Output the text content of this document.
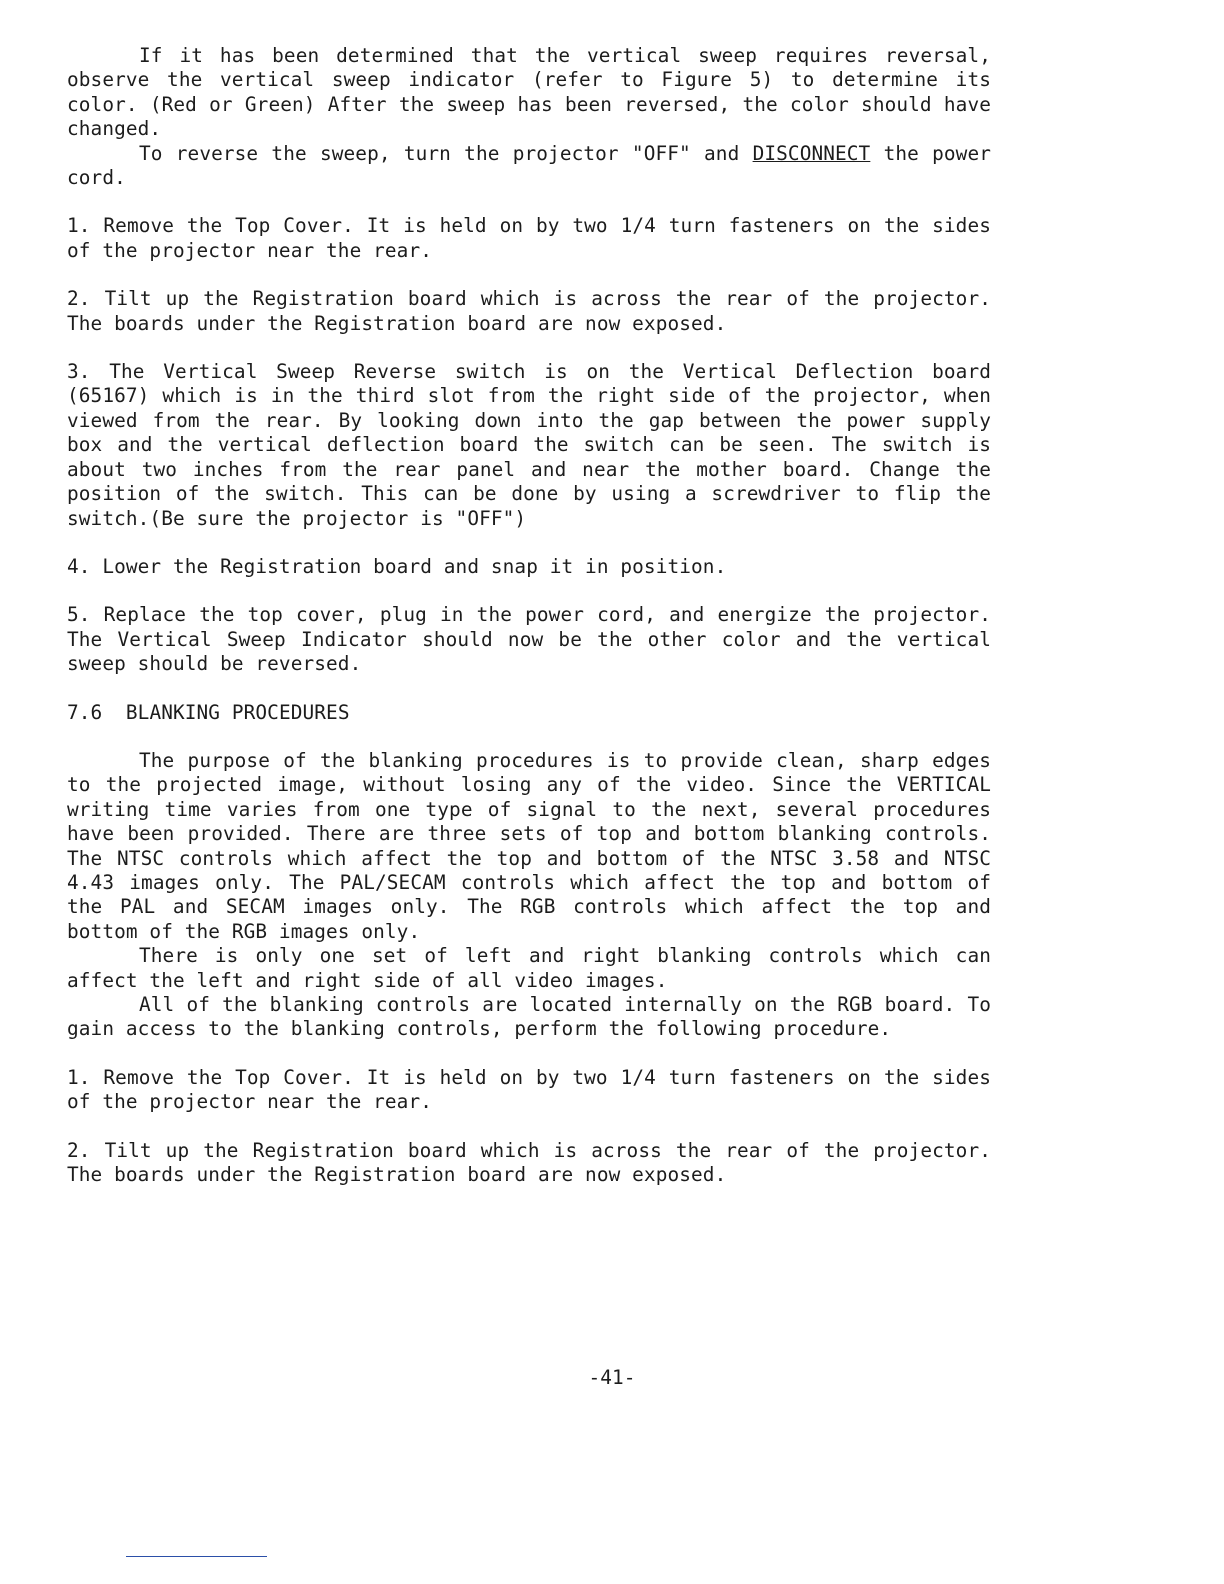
If it has been determined that the vertical sweep requires reversal, observe the vertical sweep indicator (refer to Figure 5) to determine its color. (Red or Green) After the sweep has been reversed, the color should have changed.

To reverse the sweep, turn the projector "OFF" and DISCONNECT the power cord.

1. Remove the Top Cover. It is held on by two 1/4 turn fasteners on the sides of the projector near the rear.

2. Tilt up the Registration board which is across the rear of the projector. The boards under the Registration board are now exposed.

3. The Vertical Sweep Reverse switch is on the Vertical Deflection board (65167) which is in the third slot from the right side of the projector, when viewed from the rear. By looking down into the gap between the power supply box and the vertical deflection board the switch can be seen. The switch is about two inches from the rear panel and near the mother board. Change the position of the switch. This can be done by using a screwdriver to flip the switch.(Be sure the projector is "OFF")

4. Lower the Registration board and snap it in position.

5. Replace the top cover, plug in the power cord, and energize the projector. The Vertical Sweep Indicator should now be the other color and the vertical sweep should be reversed.

7.6 BLANKING PROCEDURES

The purpose of the blanking procedures is to provide clean, sharp edges to the projected image, without losing any of the video. Since the VERTICAL writing time varies from one type of signal to the next, several procedures have been provided. There are three sets of top and bottom blanking controls. The NTSC controls which affect the top and bottom of the NTSC 3.58 and NTSC 4.43 images only. The PAL/SECAM controls which affect the top and bottom of the PAL and SECAM images only. The RGB controls which affect the top and bottom of the RGB images only.

There is only one set of left and right blanking controls which can affect the left and right side of all video images.

All of the blanking controls are located internally on the RGB board. To gain access to the blanking controls, perform the following procedure.

1. Remove the Top Cover. It is held on by two 1/4 turn fasteners on the sides of the projector near the rear.

2. Tilt up the Registration board which is across the rear of the projector. The boards under the Registration board are now exposed.

-41-
